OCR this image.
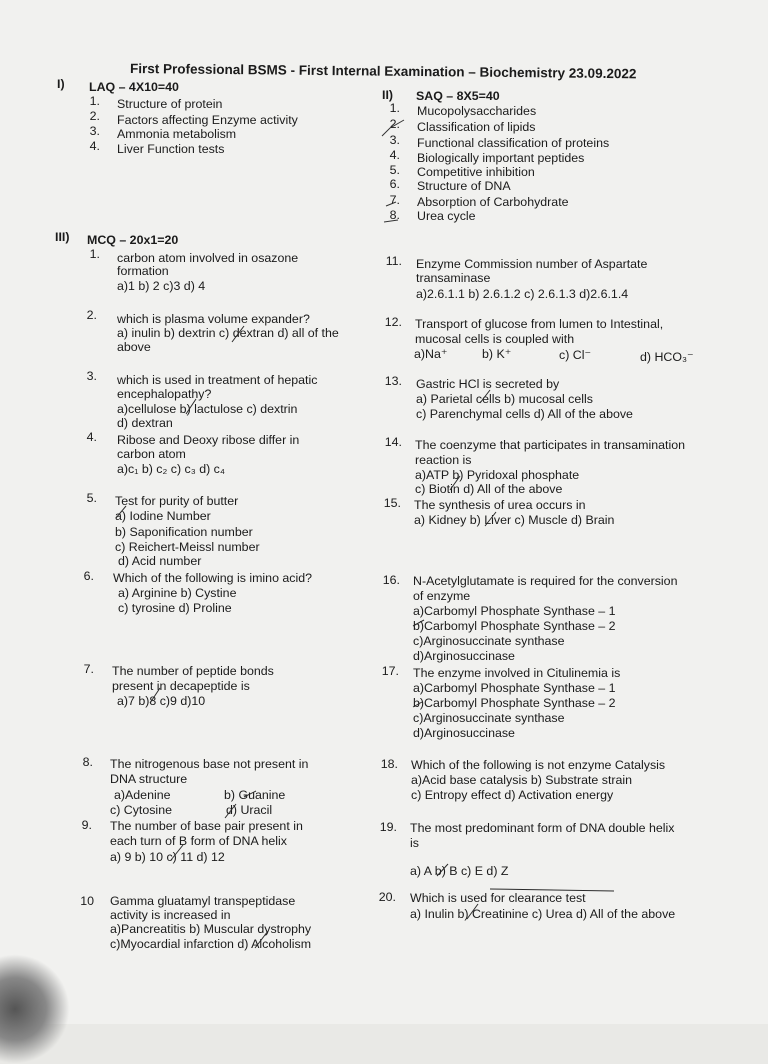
First Professional BSMS - First Internal Examination – Biochemistry 23.09.2022
I) LAQ – 4X10=40
1. Structure of protein
2. Factors affecting Enzyme activity
3. Ammonia metabolism
4. Liver Function tests
II) SAQ – 8X5=40
1. Mucopolysaccharides
2. Classification of lipids
3. Functional classification of proteins
4. Biologically important peptides
5. Competitive inhibition
6. Structure of DNA
7. Absorption of Carbohydrate
8. Urea cycle
III) MCQ – 20x1=20
1. carbon atom involved in osazone
formation
a)1 b) 2 c)3 d) 4
2. which is plasma volume expander?
a) inulin b) dextrin c) dextran d) all of the
above
3. which is used in treatment of hepatic
encephalopathy?
a)cellulose b) lactulose c) dextrin
d) dextran
4. Ribose and Deoxy ribose differ in
carbon atom
a)c₁ b) c₂ c) c₃ d) c₄
5. Test for purity of butter
a) Iodine Number
b) Saponification number
c) Reichert-Meissl number
d) Acid number
6. Which of the following is imino acid?
a) Arginine b) Cystine
c) tyrosine d) Proline
7. The number of peptide bonds
present in decapeptide is
a)7 b)8 c)9 d)10
8. The nitrogenous base not present in
DNA structure
a)Adenine	b) Guanine
c) Cytosine	d) Uracil
9. The number of base pair present in
each turn of B form of DNA helix
a) 9 b) 10 c) 11 d) 12
10 Gamma gluatamyl transpeptidase
activity is increased in
a)Pancreatitis b) Muscular dystrophy
c)Myocardial infarction d) Alcoholism
11. Enzyme Commission number of Aspartate
transaminase
a)2.6.1.1 b) 2.6.1.2 c) 2.6.1.3 d)2.6.1.4
12. Transport of glucose from lumen to Intestinal,
mucosal cells is coupled with
a)Na⁺	b) K⁺	c) Cl⁻	d) HCO₃⁻
13. Gastric HCl is secreted by
a) Parietal cells b) mucosal cells
c) Parenchymal cells d) All of the above
14. The coenzyme that participates in transamination
reaction is
a)ATP b) Pyridoxal phosphate
c) Biotin d) All of the above
15. The synthesis of urea occurs in
a) Kidney b) Liver c) Muscle d) Brain
16. N-Acetylglutamate is required for the conversion
of enzyme
a)Carbomyl Phosphate Synthase – 1
b)Carbomyl Phosphate Synthase – 2
c)Arginosuccinate synthase
d)Arginosuccinase
17. The enzyme involved in Citulinemia is
a)Carbomyl Phosphate Synthase – 1
b)Carbomyl Phosphate Synthase – 2
c)Arginosuccinate synthase
d)Arginosuccinase
18. Which of the following is not enzyme Catalysis
a)Acid base catalysis b) Substrate strain
c) Entropy effect d) Activation energy
19. The most predominant form of DNA double helix
is
a) A b) B c) E d) Z
20. Which is used for clearance test
a) Inulin b) Creatinine c) Urea d) All of the above
